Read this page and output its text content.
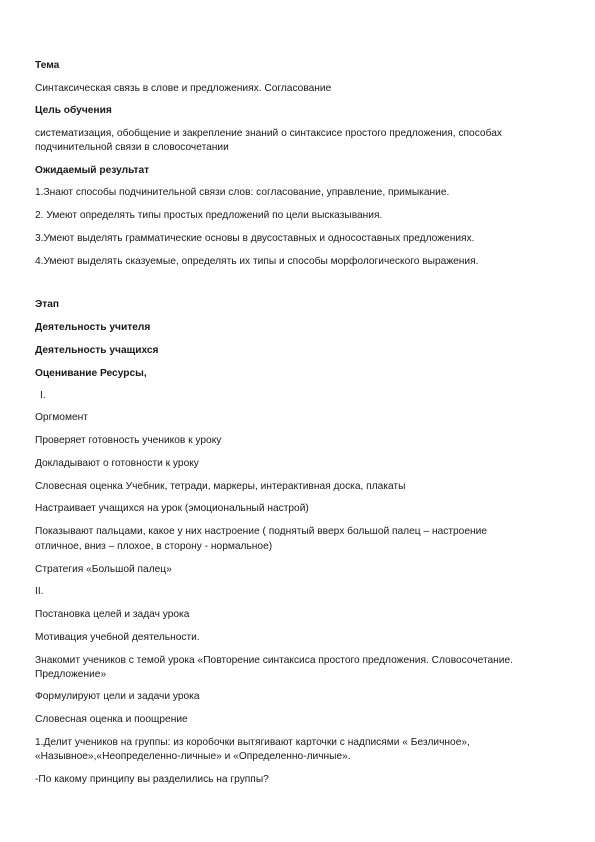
Тема

Синтаксическая связь в слове и предложениях. Согласование

Цель обучения

систематизация, обобщение и закрепление знаний о синтаксисе простого предложения, способах

подчинительной связи в словосочетании

Ожидаемый результат

1.Знают способы подчинительной связи слов: согласование, управление, примыкание.

2. Умеют определять типы простых предложений по цели высказывания.

3.Умеют выделять грамматические основы в двусоставных и односоставных предложениях.

4.Умеют выделять сказуемые, определять их типы и способы морфологического выражения.

Этап

Деятельность учителя

Деятельность учащихся

Оценивание Ресурсы,

I.

Оргмомент

Проверяет готовность учеников к уроку

Докладывают о готовности к уроку

Словесная оценка Учебник, тетради, маркеры, интерактивная доска, плакаты

Настраивает учащихся на урок (эмоциональный настрой)

Показывают пальцами, какое у них настроение ( поднятый вверх большой палец – настроение

отличное, вниз – плохое, в сторону - нормальное)

Стратегия «Большой палец»

II.

Постановка целей и задач урока

Мотивация учебной деятельности.

Знакомит учеников с темой урока «Повторение синтаксиса простого предложения. Словосочетание.

Предложение»

Формулируют цели и задачи урока

Словесная оценка и поощрение

1.Делит учеников на группы: из коробочки вытягивают карточки с надписями « Безличное»,

«Назывное»,«Неопределенно-личные» и «Определенно-личные».

-По какому принципу вы разделились на группы?
